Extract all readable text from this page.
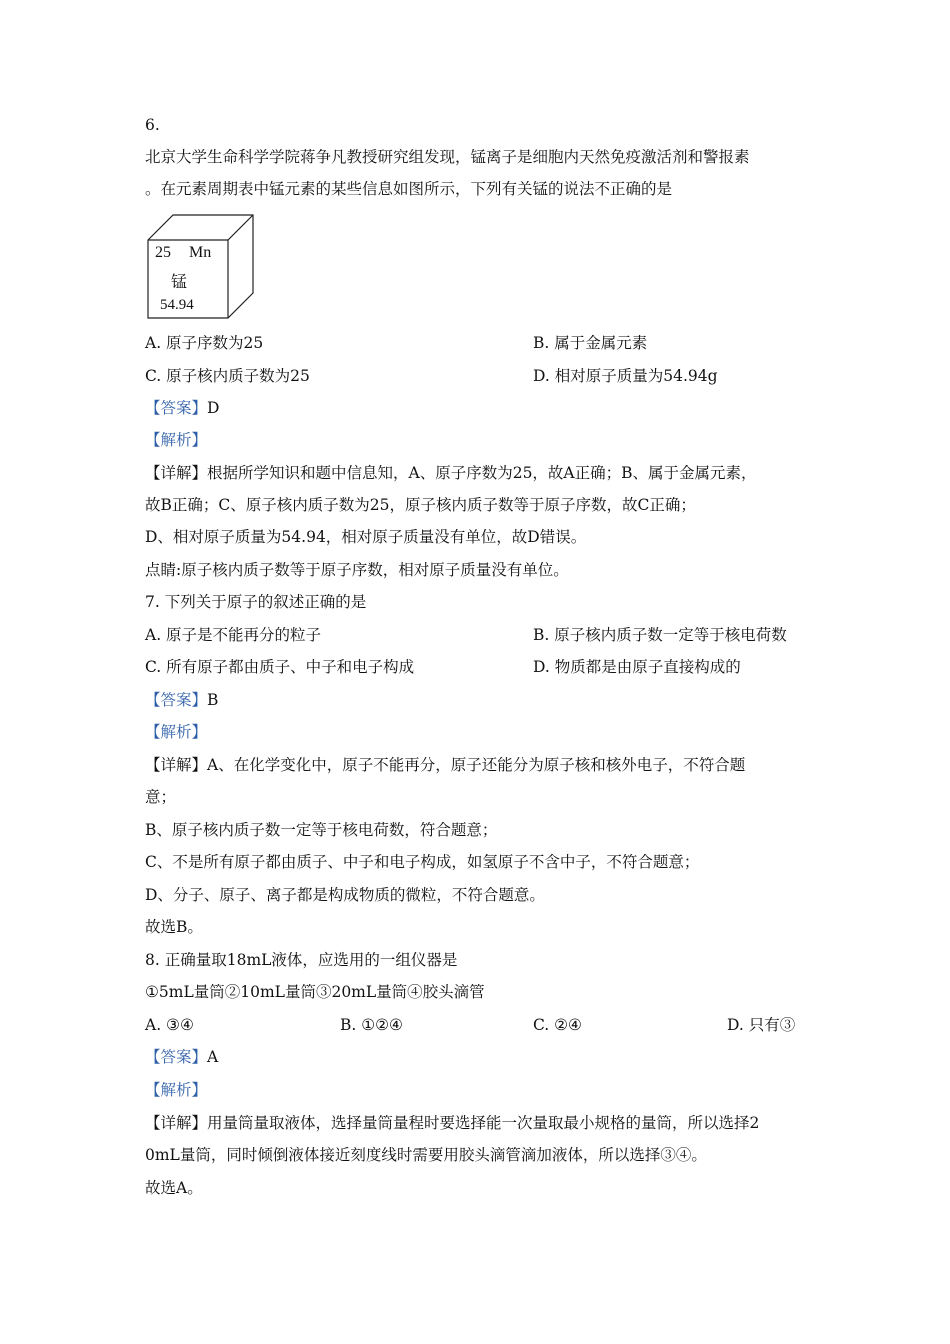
6.
北京大学生命科学学院蒋争凡教授研究组发现，锰离子是细胞内天然免疫激活剂和警报素
。在元素周期表中锰元素的某些信息如图所示，下列有关锰的说法不正确的是
25 Mn
锰
54.94
A. 原子序数为25	B. 属于金属元素
C. 原子核内质子数为25	D. 相对原子质量为54.94g
【答案】D
【解析】
【详解】根据所学知识和题中信息知，A、原子序数为25，故A正确；B、属于金属元素，
故B正确；C、原子核内质子数为25，原子核内质子数等于原子序数，故C正确；
D、相对原子质量为54.94，相对原子质量没有单位，故D错误。
点睛:原子核内质子数等于原子序数，相对原子质量没有单位。
7. 下列关于原子的叙述正确的是
A. 原子是不能再分的粒子	B. 原子核内质子数一定等于核电荷数
C. 所有原子都由质子、中子和电子构成	D. 物质都是由原子直接构成的
【答案】B
【解析】
【详解】A、在化学变化中，原子不能再分，原子还能分为原子核和核外电子，不符合题
意；
B、原子核内质子数一定等于核电荷数，符合题意；
C、不是所有原子都由质子、中子和电子构成，如氢原子不含中子，不符合题意；
D、分子、原子、离子都是构成物质的微粒，不符合题意。
故选B。
8. 正确量取18mL液体，应选用的一组仪器是
①5mL量筒②10mL量筒③20mL量筒④胶头滴管
A. ③④	B. ①②④	C. ②④	D. 只有③
【答案】A
【解析】
【详解】用量筒量取液体，选择量筒量程时要选择能一次量取最小规格的量筒，所以选择2
0mL量筒，同时倾倒液体接近刻度线时需要用胶头滴管滴加液体，所以选择③④。
故选A。
